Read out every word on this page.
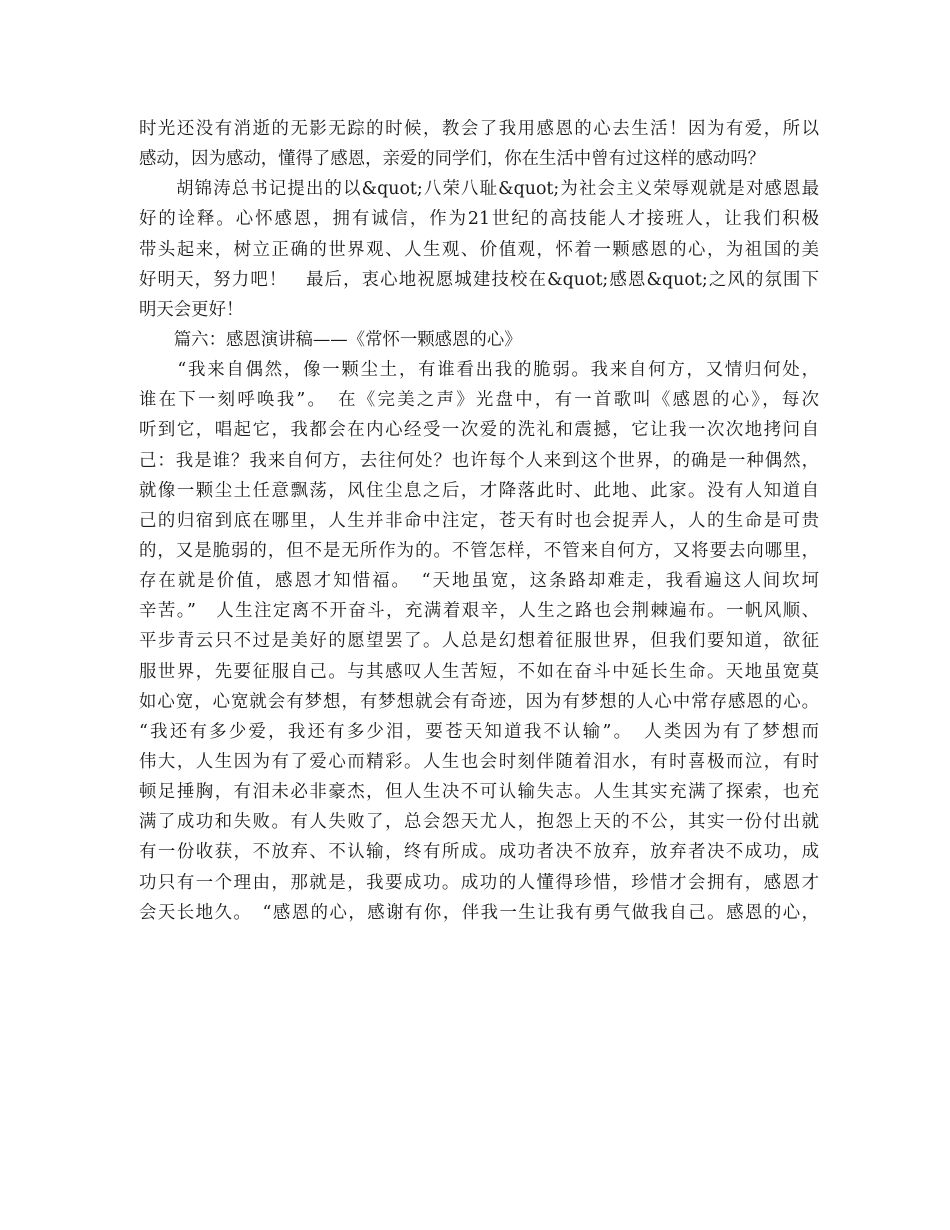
时光还没有消逝的无影无踪的时候，教会了我用感恩的心去生活！因为有爱，所以
感动，因为感动，懂得了感恩，亲爱的同学们，你在生活中曾有过这样的感动吗？
　　胡锦涛总书记提出的以&quot;八荣八耻&quot;为社会主义荣辱观就是对感恩最
好的诠释。心怀感恩，拥有诚信，作为21世纪的高技能人才接班人，让我们积极
带头起来，树立正确的世界观、人生观、价值观，怀着一颗感恩的心，为祖国的美
好明天，努力吧！　最后，衷心地祝愿城建技校在&quot;感恩&quot;之风的氛围下
明天会更好！
　　篇六：感恩演讲稿——《常怀一颗感恩的心》
　　“我来自偶然，像一颗尘土，有谁看出我的脆弱。我来自何方，又情归何处，
谁在下一刻呼唤我”。　在《完美之声》光盘中，有一首歌叫《感恩的心》，每次
听到它，唱起它，我都会在内心经受一次爱的洗礼和震撼，它让我一次次地拷问自
己：我是谁？我来自何方，去往何处？也许每个人来到这个世界，的确是一种偶然，
就像一颗尘土任意飘荡，风住尘息之后，才降落此时、此地、此家。没有人知道自
己的归宿到底在哪里，人生并非命中注定，苍天有时也会捉弄人，人的生命是可贵
的，又是脆弱的，但不是无所作为的。不管怎样，不管来自何方，又将要去向哪里，
存在就是价值，感恩才知惜福。　“天地虽宽，这条路却难走，我看遍这人间坎坷
辛苦。”　人生注定离不开奋斗，充满着艰辛，人生之路也会荆棘遍布。一帆风顺、
平步青云只不过是美好的愿望罢了。人总是幻想着征服世界，但我们要知道，欲征
服世界，先要征服自己。与其感叹人生苦短，不如在奋斗中延长生命。天地虽宽莫
如心宽，心宽就会有梦想，有梦想就会有奇迹，因为有梦想的人心中常存感恩的心。
“我还有多少爱，我还有多少泪，要苍天知道我不认输”。　人类因为有了梦想而
伟大，人生因为有了爱心而精彩。人生也会时刻伴随着泪水，有时喜极而泣，有时
顿足捶胸，有泪未必非豪杰，但人生决不可认输失志。人生其实充满了探索，也充
满了成功和失败。有人失败了，总会怨天尤人，抱怨上天的不公，其实一份付出就
有一份收获，不放弃、不认输，终有所成。成功者决不放弃，放弃者决不成功，成
功只有一个理由，那就是，我要成功。成功的人懂得珍惜，珍惜才会拥有，感恩才
会天长地久。　“感恩的心，感谢有你，伴我一生让我有勇气做我自己。感恩的心，
